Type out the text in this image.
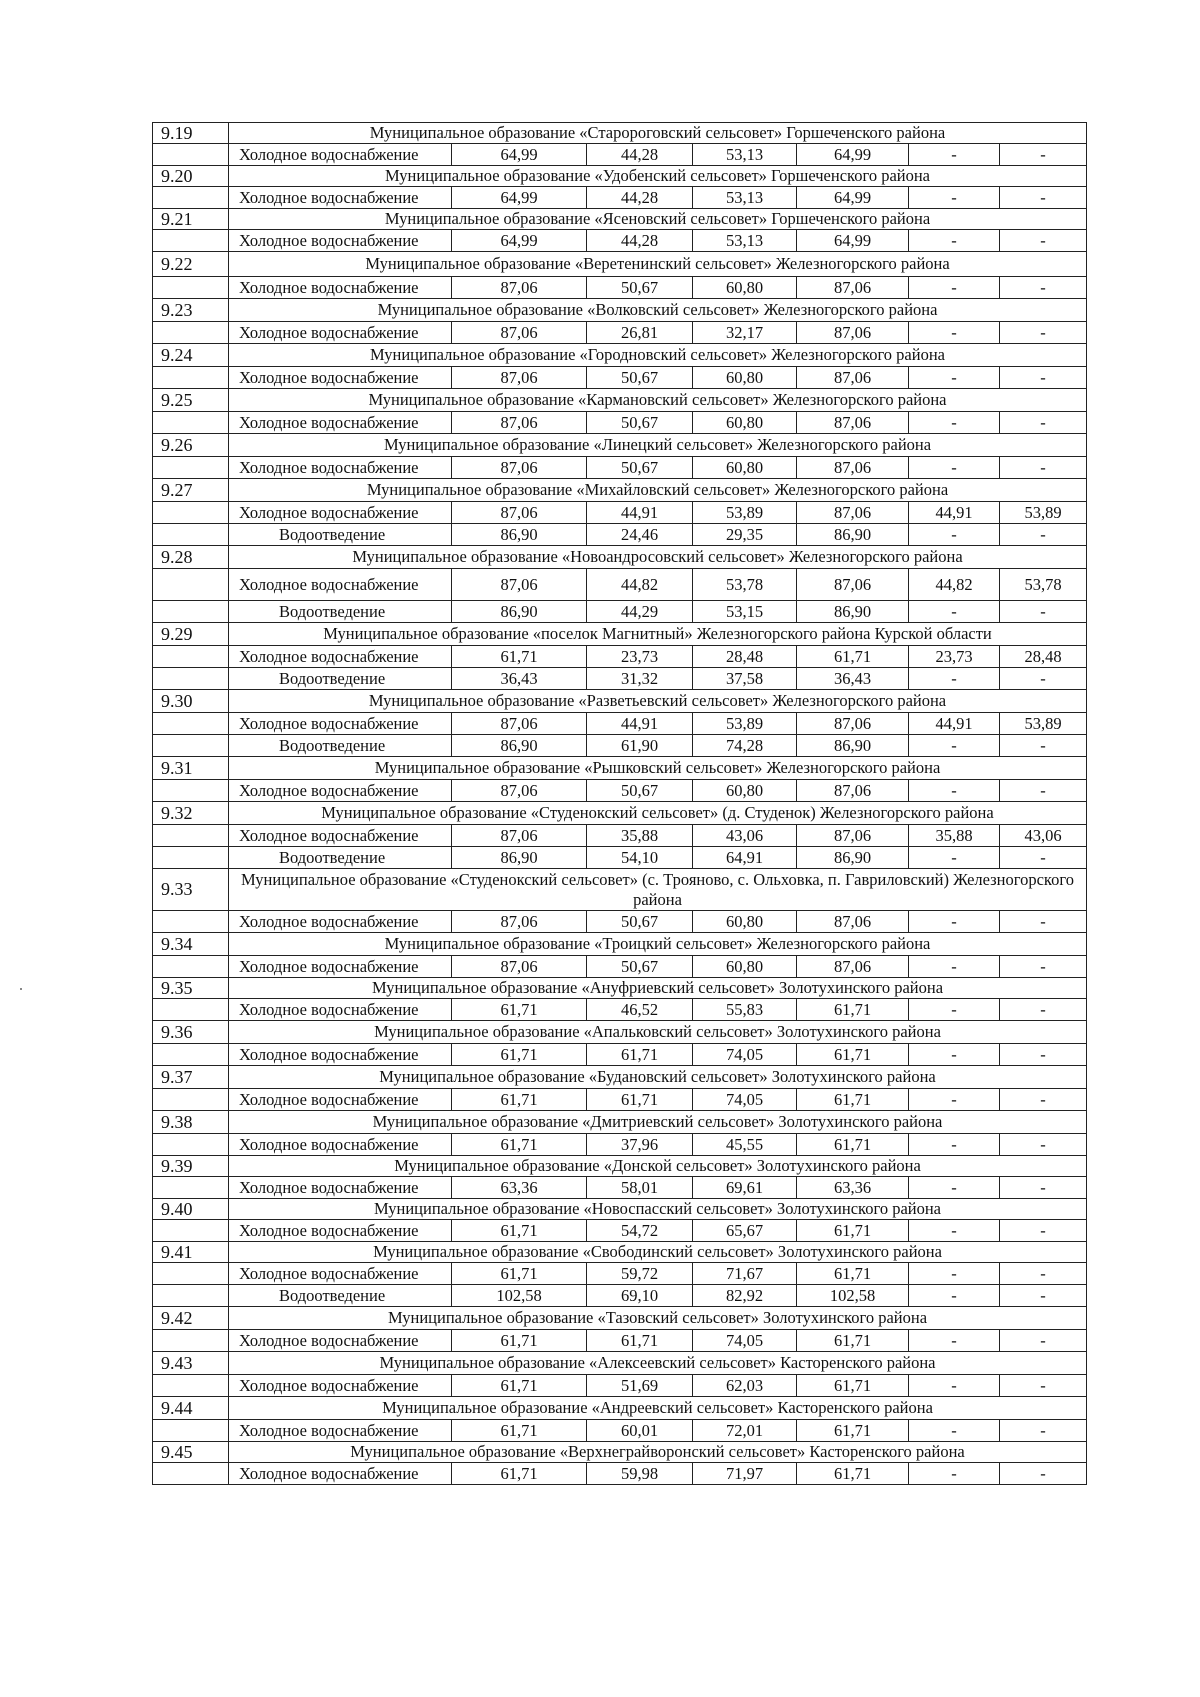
9.19	Муниципальное образование «Старороговский сельсовет» Горшеченского района						
	Холодное водоснабжение	64,99	44,28	53,13	64,99	-	-
9.20	Муниципальное образование «Удобенский сельсовет» Горшеченского района						
	Холодное водоснабжение	64,99	44,28	53,13	64,99	-	-
9.21	Муниципальное образование «Ясеновский сельсовет» Горшеченского района						
	Холодное водоснабжение	64,99	44,28	53,13	64,99	-	-
9.22	Муниципальное образование «Веретенинский сельсовет» Железногорского района						
	Холодное водоснабжение	87,06	50,67	60,80	87,06	-	-
9.23	Муниципальное образование «Волковский сельсовет» Железногорского района						
	Холодное водоснабжение	87,06	26,81	32,17	87,06	-	-
9.24	Муниципальное образование «Городновский сельсовет» Железногорского района						
	Холодное водоснабжение	87,06	50,67	60,80	87,06	-	-
9.25	Муниципальное образование «Кармановский сельсовет» Железногорского района						
	Холодное водоснабжение	87,06	50,67	60,80	87,06	-	-
9.26	Муниципальное образование «Линецкий сельсовет» Железногорского района						
	Холодное водоснабжение	87,06	50,67	60,80	87,06	-	-
9.27	Муниципальное образование «Михайловский сельсовет» Железногорского района						
	Холодное водоснабжение	87,06	44,91	53,89	87,06	44,91	53,89
	Водоотведение	86,90	24,46	29,35	86,90	-	-
9.28	Муниципальное образование «Новоандросовский сельсовет» Железногорского района						
	Холодное водоснабжение	87,06	44,82	53,78	87,06	44,82	53,78
	Водоотведение	86,90	44,29	53,15	86,90	-	-
9.29	Муниципальное образование «поселок Магнитный» Железногорского района Курской области						
	Холодное водоснабжение	61,71	23,73	28,48	61,71	23,73	28,48
	Водоотведение	36,43	31,32	37,58	36,43	-	-
9.30	Муниципальное образование «Разветьевский сельсовет» Железногорского района						
	Холодное водоснабжение	87,06	44,91	53,89	87,06	44,91	53,89
	Водоотведение	86,90	61,90	74,28	86,90	-	-
9.31	Муниципальное образование «Рышковский сельсовет» Железногорского района						
	Холодное водоснабжение	87,06	50,67	60,80	87,06	-	-
9.32	Муниципальное образование «Студенокский сельсовет» (д. Студенок) Железногорского района						
	Холодное водоснабжение	87,06	35,88	43,06	87,06	35,88	43,06
	Водоотведение	86,90	54,10	64,91	86,90	-	-
9.33	Муниципальное образование «Студенокский сельсовет» (с. Трояново, с. Ольховка, п. Гавриловский) Железногорского района						
	Холодное водоснабжение	87,06	50,67	60,80	87,06	-	-
9.34	Муниципальное образование «Троицкий сельсовет» Железногорского района						
	Холодное водоснабжение	87,06	50,67	60,80	87,06	-	-
9.35	Муниципальное образование «Ануфриевский сельсовет» Золотухинского района						
	Холодное водоснабжение	61,71	46,52	55,83	61,71	-	-
9.36	Муниципальное образование «Апальковский сельсовет» Золотухинского района						
	Холодное водоснабжение	61,71	61,71	74,05	61,71	-	-
9.37	Муниципальное образование «Будановский сельсовет» Золотухинского района						
	Холодное водоснабжение	61,71	61,71	74,05	61,71	-	-
9.38	Муниципальное образование «Дмитриевский сельсовет» Золотухинского района						
	Холодное водоснабжение	61,71	37,96	45,55	61,71	-	-
9.39	Муниципальное образование «Донской сельсовет» Золотухинского района						
	Холодное водоснабжение	63,36	58,01	69,61	63,36	-	-
9.40	Муниципальное образование «Новоспасский сельсовет» Золотухинского района						
	Холодное водоснабжение	61,71	54,72	65,67	61,71	-	-
9.41	Муниципальное образование «Свободинский сельсовет» Золотухинского района						
	Холодное водоснабжение	61,71	59,72	71,67	61,71	-	-
	Водоотведение	102,58	69,10	82,92	102,58	-	-
9.42	Муниципальное образование «Тазовский сельсовет» Золотухинского района						
	Холодное водоснабжение	61,71	61,71	74,05	61,71	-	-
9.43	Муниципальное образование «Алексеевский сельсовет» Касторенского района						
	Холодное водоснабжение	61,71	51,69	62,03	61,71	-	-
9.44	Муниципальное образование «Андреевский сельсовет» Касторенского района						
	Холодное водоснабжение	61,71	60,01	72,01	61,71	-	-
9.45	Муниципальное образование «Верхнеграйворонский сельсовет» Касторенского района						
	Холодное водоснабжение	61,71	59,98	71,97	61,71	-	-
